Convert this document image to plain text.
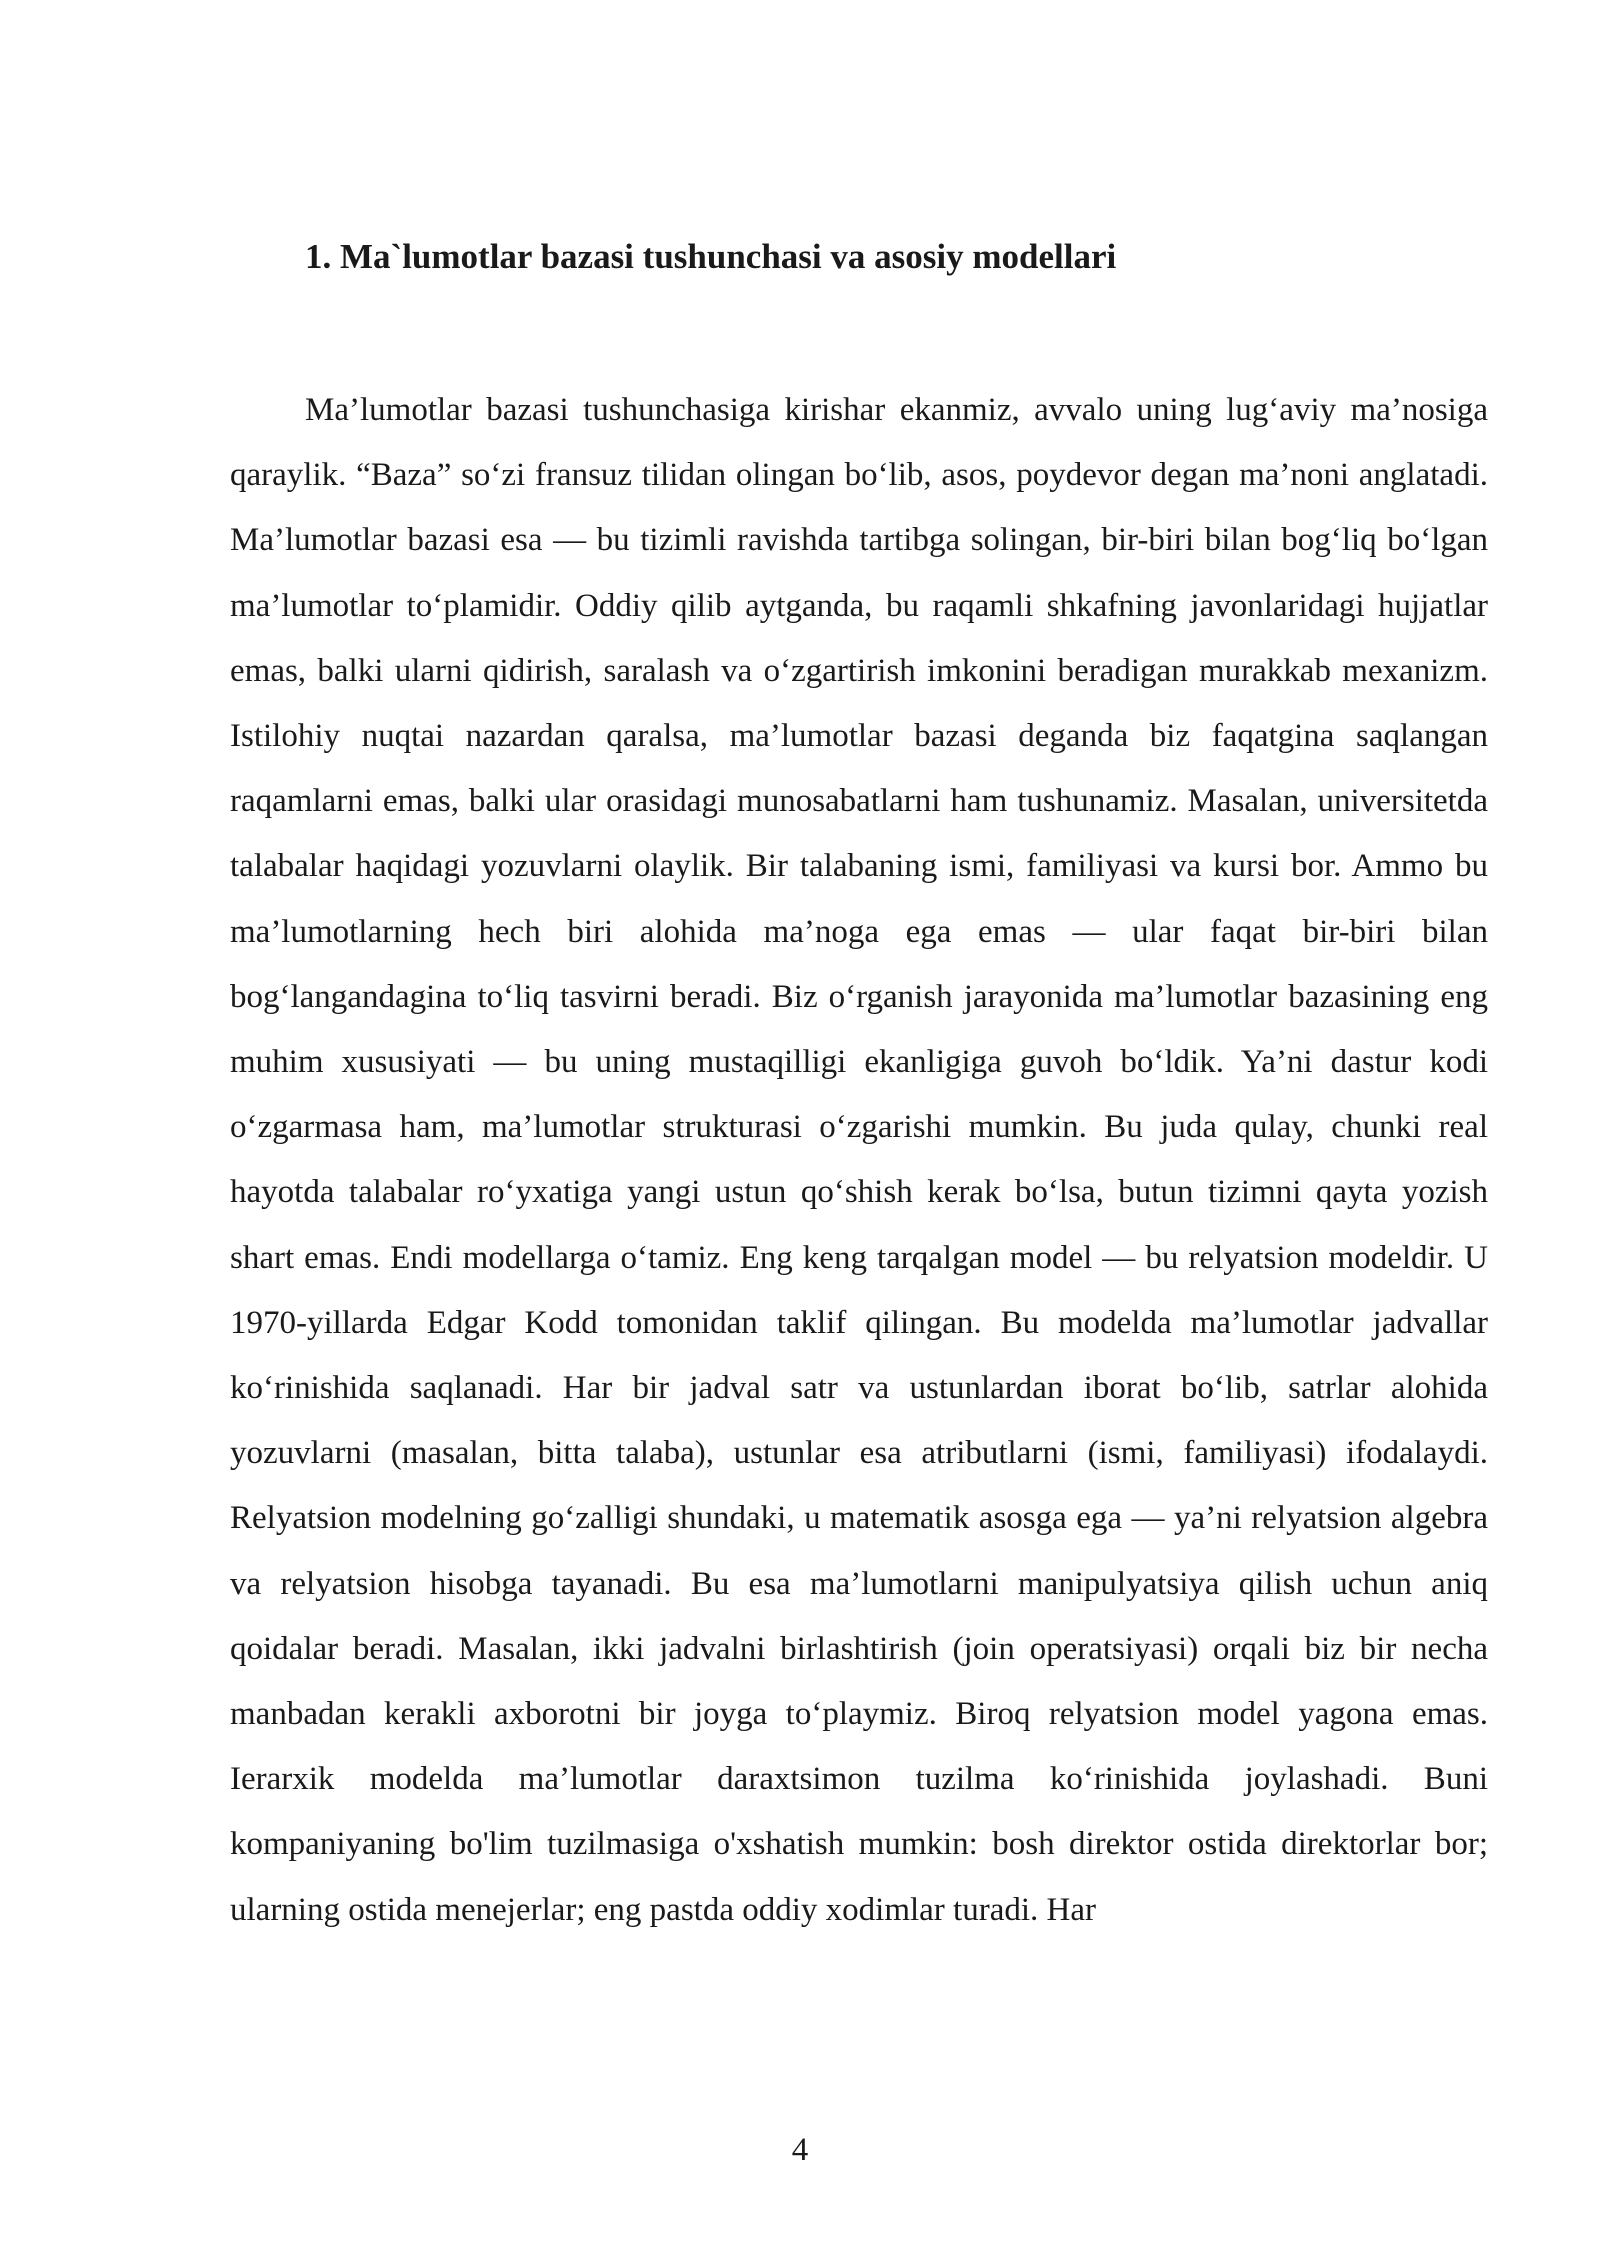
1. Ma`lumotlar bazasi tushunchasi va asosiy modellari

Ma’lumotlar bazasi tushunchasiga kirishar ekanmiz, avvalo uning lug‘aviy ma’nosiga qaraylik. “Baza” so‘zi fransuz tilidan olingan bo‘lib, asos, poydevor degan ma’noni anglatadi. Ma’lumotlar bazasi esa — bu tizimli ravishda tartibga solingan, bir-biri bilan bog‘liq bo‘lgan ma’lumotlar to‘plamidir. Oddiy qilib aytganda, bu raqamli shkafning javonlaridagi hujjatlar emas, balki ularni qidirish, saralash va o‘zgartirish imkonini beradigan murakkab mexanizm. Istilohiy nuqtai nazardan qaralsa, ma’lumotlar bazasi deganda biz faqatgina saqlangan raqamlarni emas, balki ular orasidagi munosabatlarni ham tushunamiz. Masalan, universitetda talabalar haqidagi yozuvlarni olaylik. Bir talabaning ismi, familiyasi va kursi bor. Ammo bu ma’lumotlarning hech biri alohida ma’noga ega emas — ular faqat bir-biri bilan bog‘langandagina to‘liq tasvirni beradi. Biz o‘rganish jarayonida ma’lumotlar bazasining eng muhim xususiyati — bu uning mustaqilligi ekanligiga guvoh bo‘ldik. Ya’ni dastur kodi o‘zgarmasa ham, ma’lumotlar strukturasi o‘zgarishi mumkin. Bu juda qulay, chunki real hayotda talabalar ro‘yxatiga yangi ustun qo‘shish kerak bo‘lsa, butun tizimni qayta yozish shart emas. Endi modellarga o‘tamiz. Eng keng tarqalgan model — bu relyatsion modeldir. U 1970-yillarda Edgar Kodd tomonidan taklif qilingan. Bu modelda ma’lumotlar jadvallar ko‘rinishida saqlanadi. Har bir jadval satr va ustunlardan iborat bo‘lib, satrlar alohida yozuvlarni (masalan, bitta talaba), ustunlar esa atributlarni (ismi, familiyasi) ifodalaydi. Relyatsion modelning go‘zalligi shundaki, u matematik asosga ega — ya’ni relyatsion algebra va relyatsion hisobga tayanadi. Bu esa ma’lumotlarni manipulyatsiya qilish uchun aniq qoidalar beradi. Masalan, ikki jadvalni birlashtirish (join operatsiyasi) orqali biz bir necha manbadan kerakli axborotni bir joyga to‘playmiz. Biroq relyatsion model yagona emas. Ierarxik modelda ma’lumotlar daraxtsimon tuzilma ko‘rinishida joylashadi. Buni kompaniyaning bo'lim tuzilmasiga o'xshatish mumkin: bosh direktor ostida direktorlar bor; ularning ostida menejerlar; eng pastda oddiy xodimlar turadi. Har

4
